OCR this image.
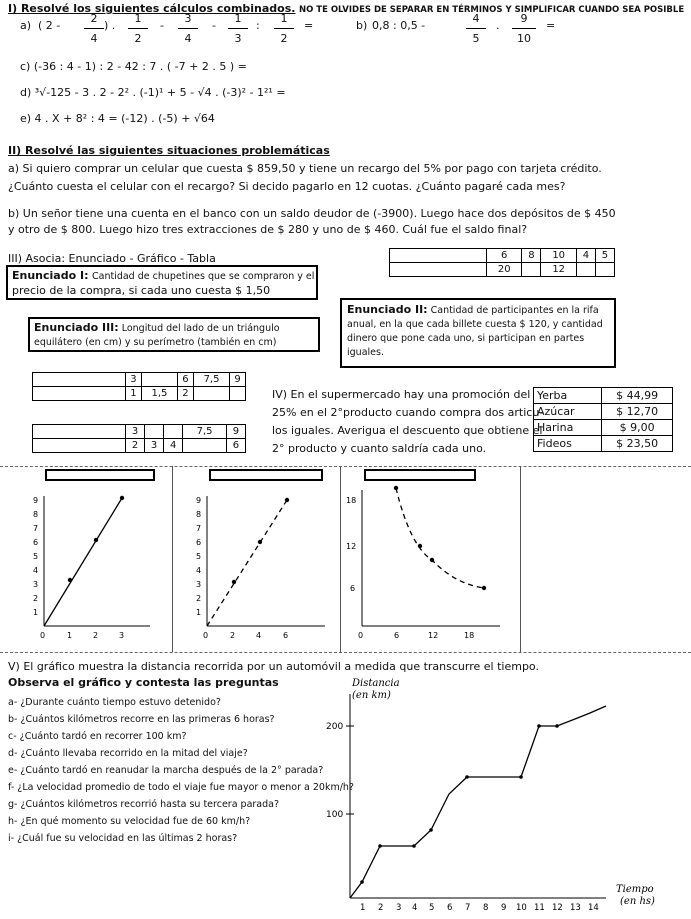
I) Resolvé los siguientes cálculos combinados. NO TE OLVIDES DE SEPARAR EN TÉRMINOS Y SIMPLIFICAR CUANDO SEA POSIBLE
a) ( 2 -
2
4
) .
1
2
-
3
4
-
1
3
:
1
2
=	b) 0,8 : 0,5 -
4
5
.
9
10
=
c) (-36 : 4 - 1) : 2 - 42 : 7 . ( -7 + 2 . 5 ) =
d) ³√-125 - 3 . 2 - 2² . (-1)¹ + 5 - √4 . (-3)² - 1²¹ =
e) 4 . X + 8² : 4 = (-12) . (-5) + √64
II) Resolvé las siguientes situaciones problemáticas
a) Si quiero comprar un celular que cuesta $ 859,50 y tiene un recargo del 5% por pago con tarjeta crédito.
¿Cuánto cuesta el celular con el recargo? Si decido pagarlo en 12 cuotas. ¿Cuánto pagaré cada mes?
b) Un señor tiene una cuenta en el banco con un saldo deudor de (-3900). Luego hace dos depósitos de $ 450
y otro de $ 800. Luego hizo tres extracciones de $ 280 y uno de $ 460. Cuál fue el saldo final?
III) Asocia: Enunciado - Gráfico - Tabla
		6	8	10	4	5
	20		12		
Enunciado I: Cantidad de chupetines que se compraron y el
precio de la compra, si cada uno cuesta $ 1,50
Enunciado II: Cantidad de participantes en la rifa
anual, en la que cada billete cuesta $ 120, y cantidad
dinero que pone cada uno, si participan en partes
iguales.
Enunciado III: Longitud del lado de un triángulo
equilátero (en cm) y su perímetro (también en cm)
	3		6	7,5	9
	1	1,5	2		
	3			7,5	9
	2	3	4		6
IV) En el supermercado hay una promoción del
25% en el 2°producto cuando compra dos articu-
los iguales. Averigua el descuento que obtiene el
2° producto y cuanto saldría cada uno.
Yerba	$ 44,99
Azúcar	$ 12,70
Harina	$ 9,00
Fideos	$ 23,50
9
8
7
6
5
4
3
2
1
0	1	2	3
9
8
7
6
5
4
3
2
1
0	2	4	6
18
12
6
0	6	12	18
V) El gráfico muestra la distancia recorrida por un automóvil a medida que transcurre el tiempo.
Observa el gráfico y contesta las preguntas
a- ¿Durante cuánto tiempo estuvo detenido?
b- ¿Cuántos kilómetros recorre en las primeras 6 horas?
c- ¿Cuánto tardó en recorrer 100 km?
d- ¿Cuánto llevaba recorrido en la mitad del viaje?
e- ¿Cuánto tardó en reanudar la marcha después de la 2° parada?
f- ¿La velocidad promedio de todo el viaje fue mayor o menor a 20km/h?
g- ¿Cuántos kilómetros recorrió hasta su tercera parada?
h- ¿En qué momento su velocidad fue de 60 km/h?
i- ¿Cuál fue su velocidad en las últimas 2 horas?
Distancia
(en km)
Tiempo
(en hs)
200
100
1 2 3 4 5 6 7 8 9 10 11 12 13 14
